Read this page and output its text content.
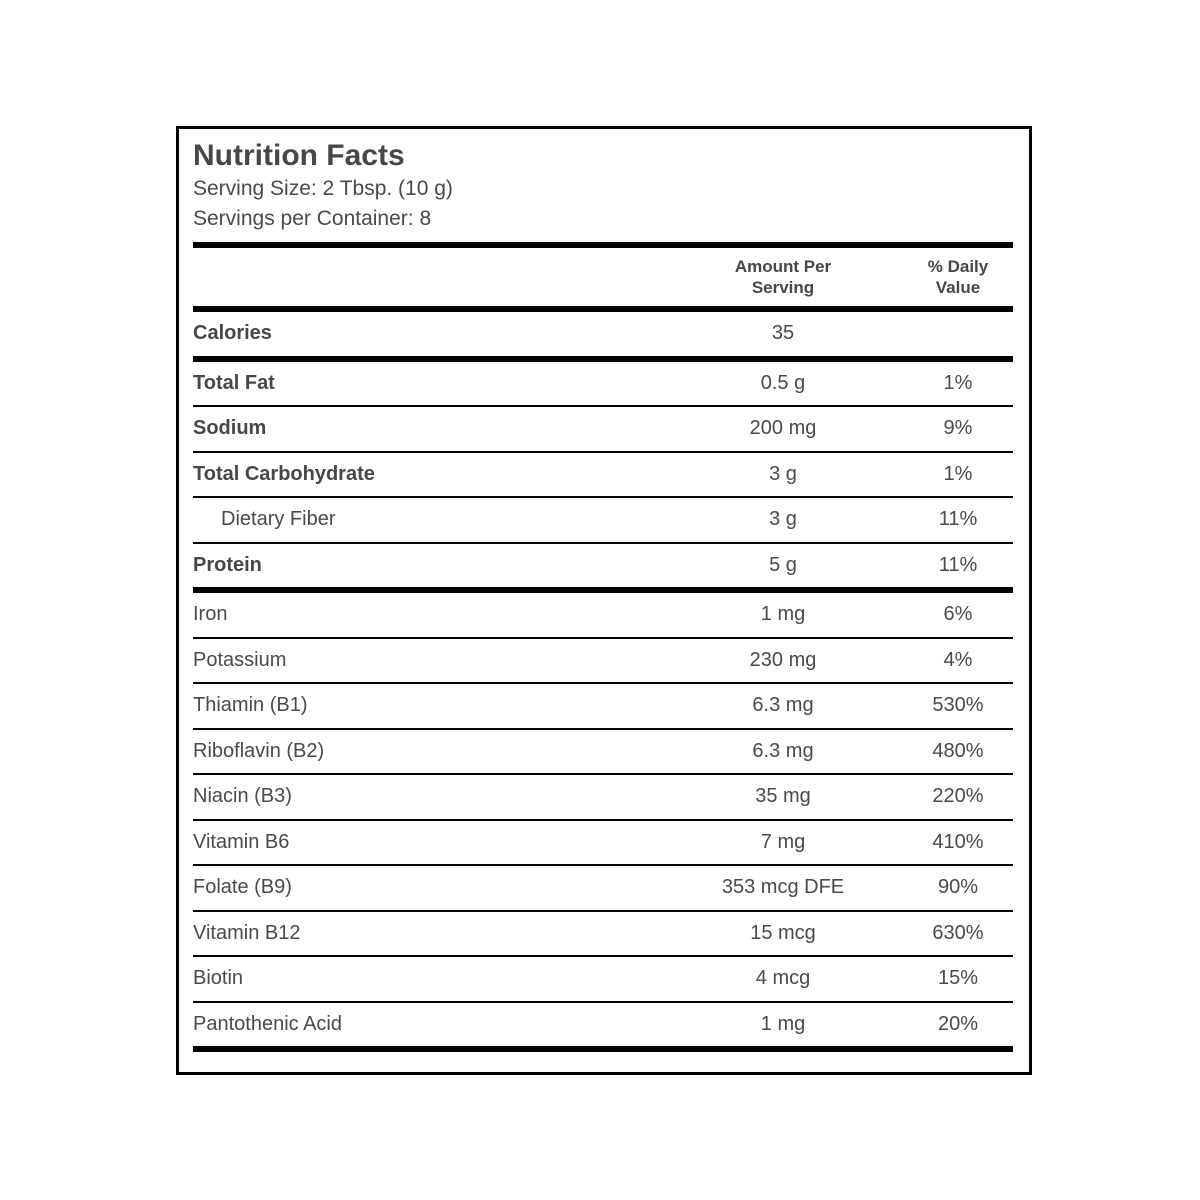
Nutrition Facts
Serving Size: 2 Tbsp. (10 g)
Servings per Container: 8
Amount Per
Serving
% Daily
Value
Calories	35
Total Fat	0.5 g	1%
Sodium	200 mg	9%
Total Carbohydrate	3 g	1%
Dietary Fiber	3 g	11%
Protein	5 g	11%
Iron	1 mg	6%
Potassium	230 mg	4%
Thiamin (B1)	6.3 mg	530%
Riboflavin (B2)	6.3 mg	480%
Niacin (B3)	35 mg	220%
Vitamin B6	7 mg	410%
Folate (B9)	353 mcg DFE	90%
Vitamin B12	15 mcg	630%
Biotin	4 mcg	15%
Pantothenic Acid	1 mg	20%
